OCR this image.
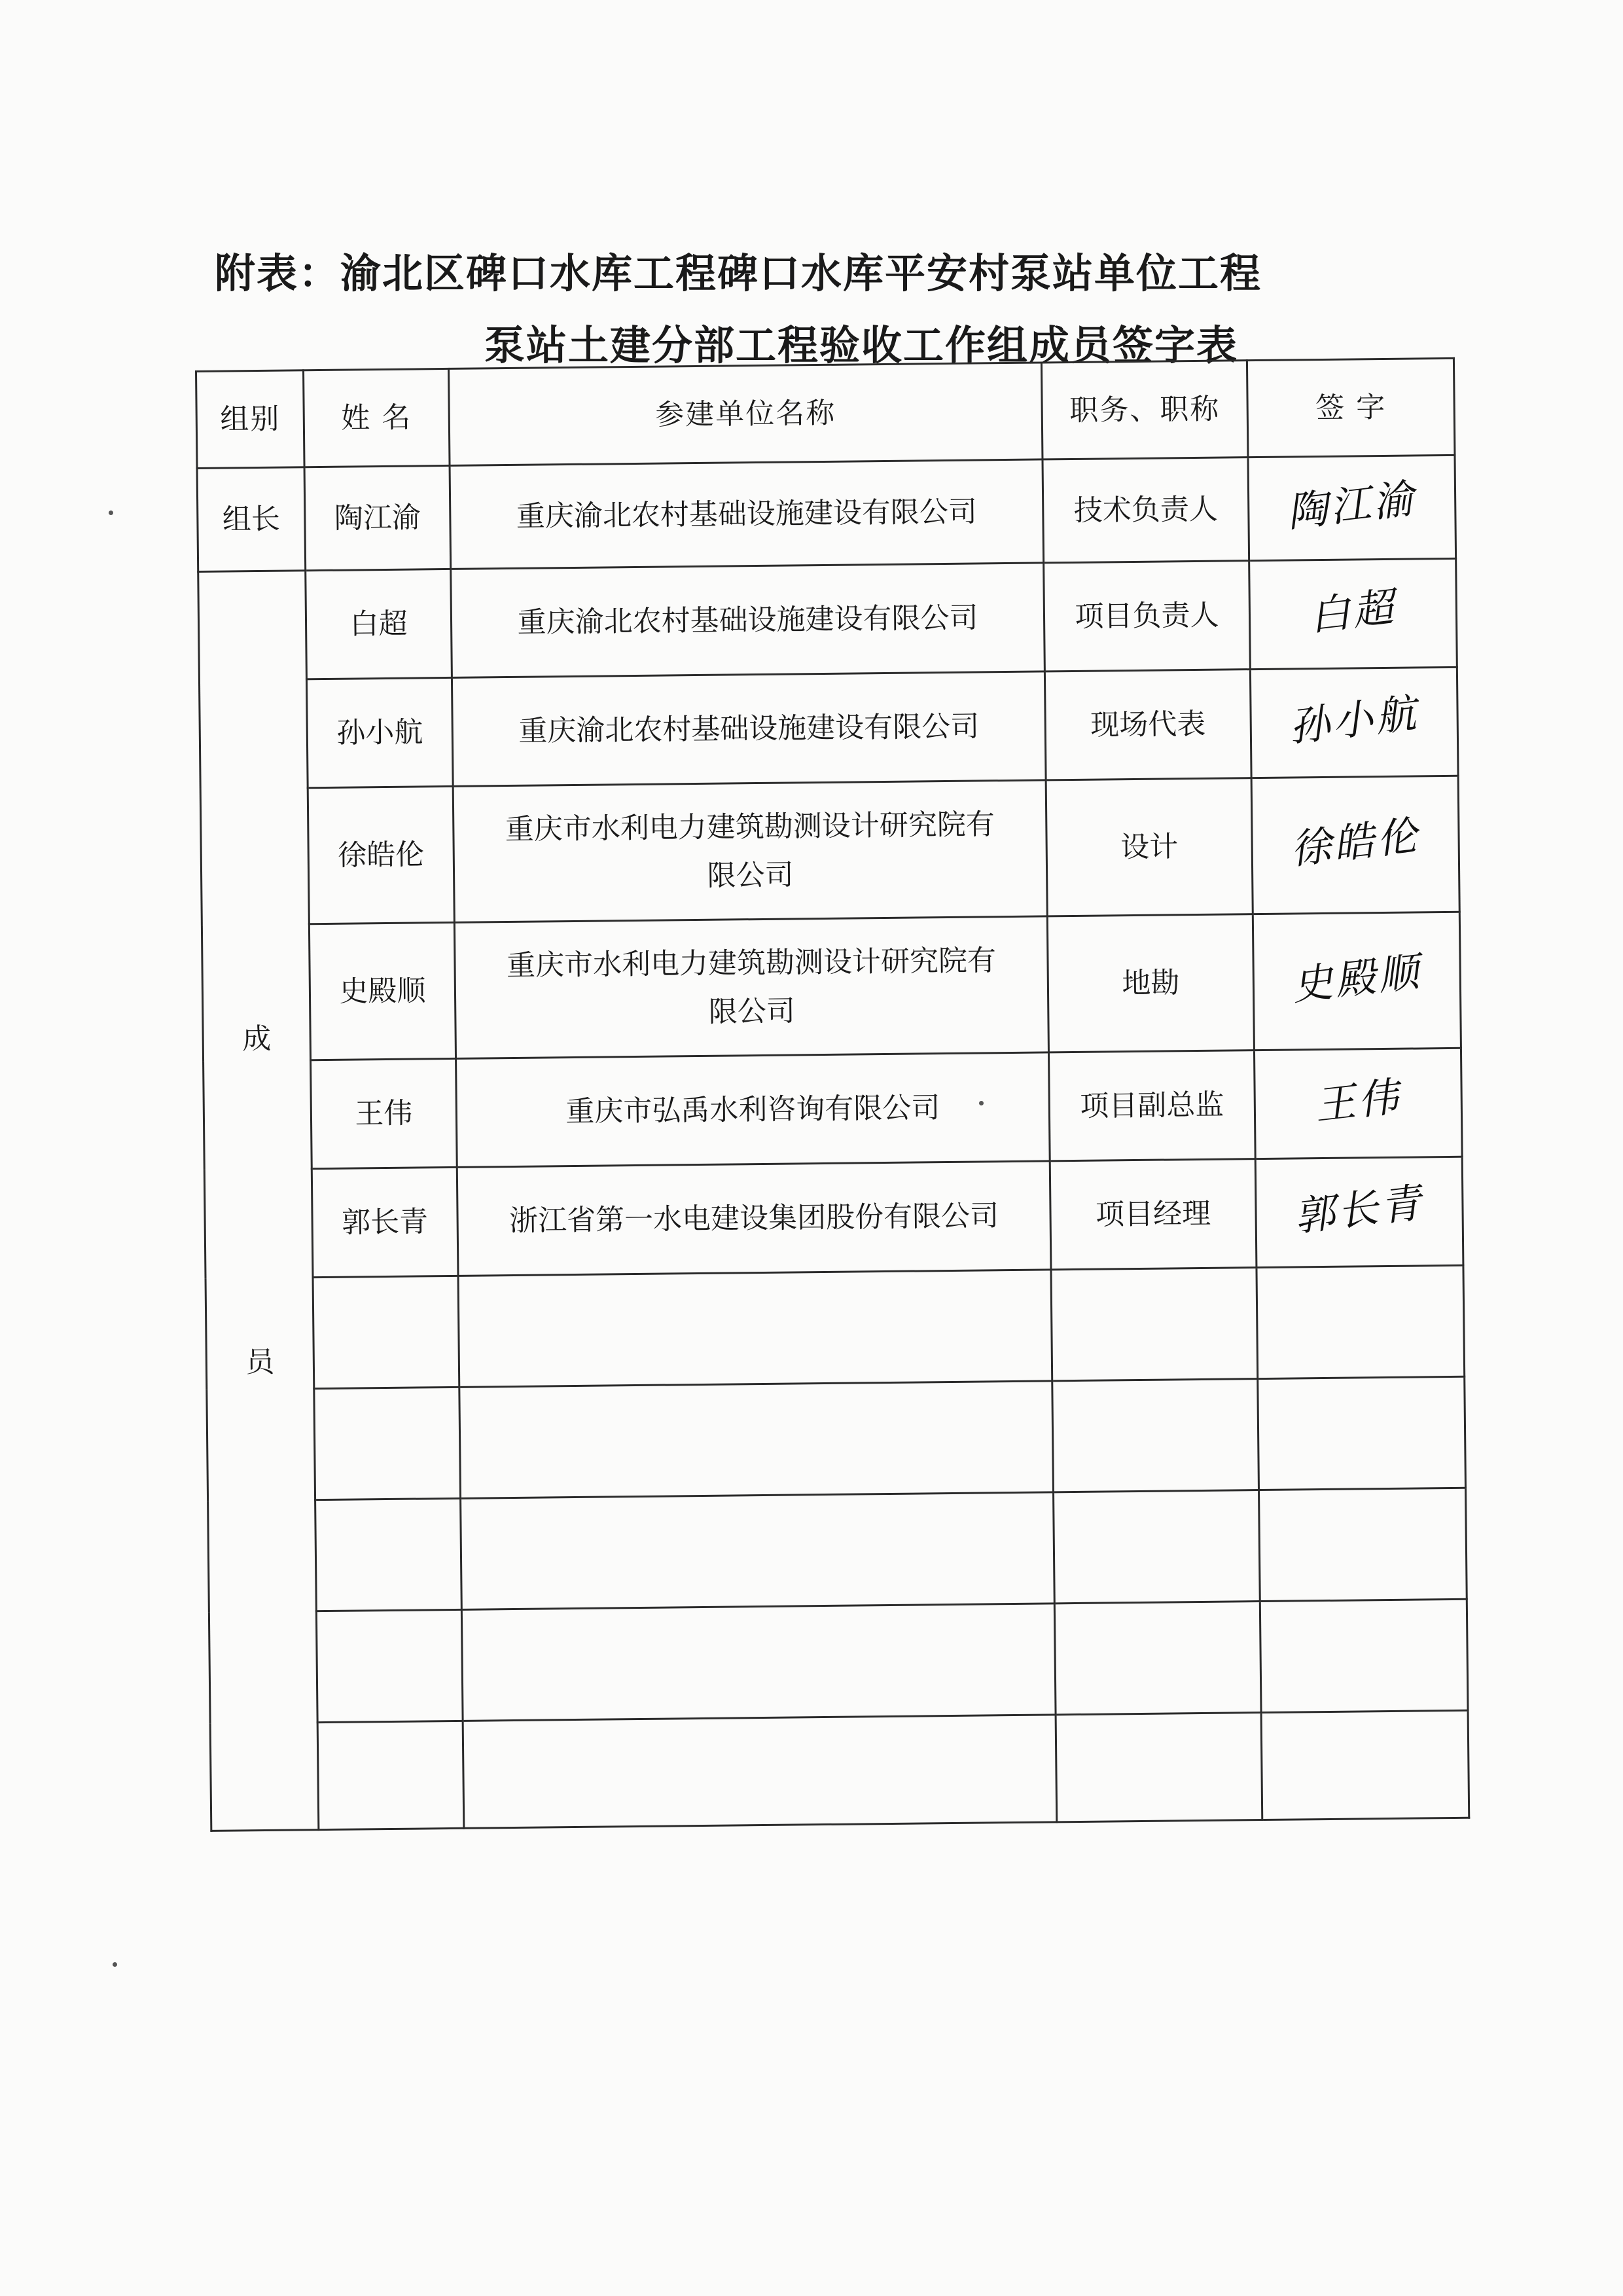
附表：渝北区碑口水库工程碑口水库平安村泵站单位工程
泵站土建分部工程验收工作组成员签字表
组别	姓 名	参建单位名称	职务、职称	签 字
组长	陶江渝	重庆渝北农村基础设施建设有限公司	技术负责人	陶江渝

成
员	白超	重庆渝北农村基础设施建设有限公司	项目负责人	白超
	孙小航	重庆渝北农村基础设施建设有限公司	现场代表	孙小航
	徐皓伦	重庆市水利电力建筑勘测设计研究院有
限公司	设计	徐皓伦
	史殿顺	重庆市水利电力建筑勘测设计研究院有
限公司	地勘	史殿顺
	王伟	重庆市弘禹水利咨询有限公司	项目副总监	王伟
	郭长青	浙江省第一水电建设集团股份有限公司	项目经理	郭长青
